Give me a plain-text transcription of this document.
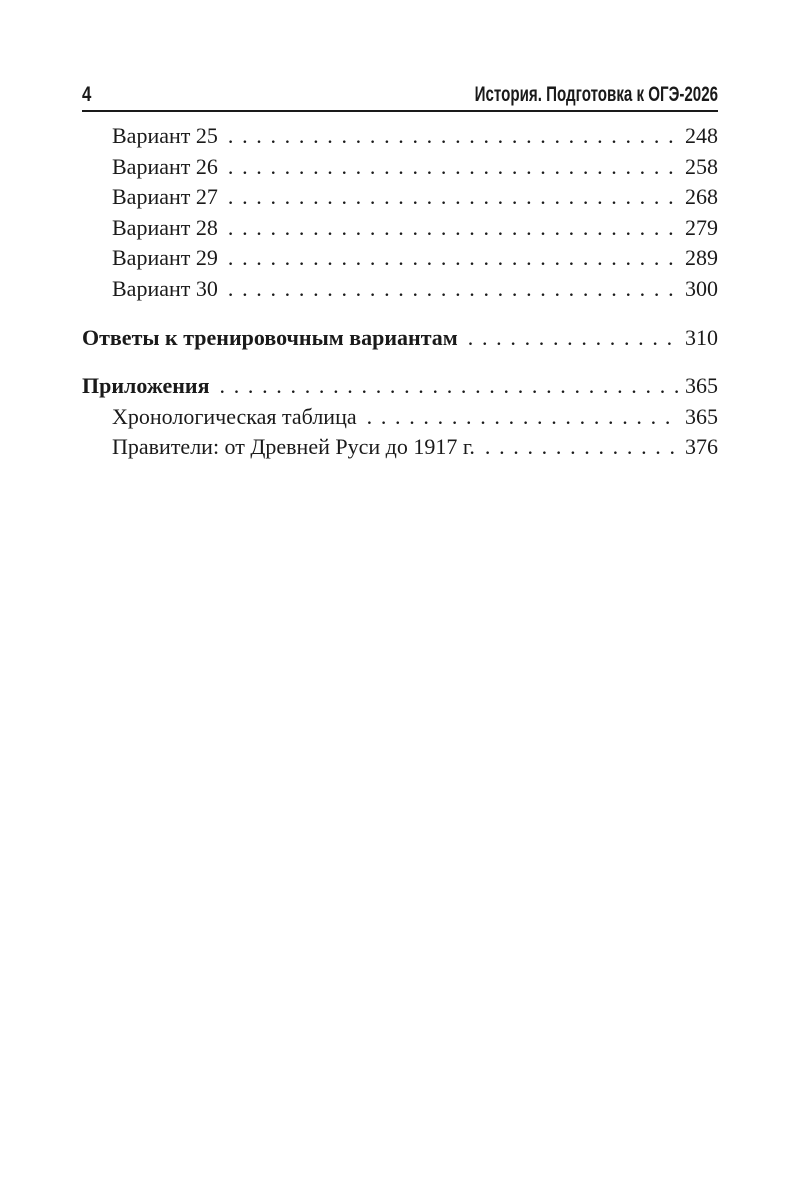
4	История. Подготовка к ОГЭ-2026
Вариант 25 . . .	248
Вариант 26 . . .	258
Вариант 27 . . .	268
Вариант 28 . . .	279
Вариант 29 . . .	289
Вариант 30 . . .	300
Ответы к тренировочным вариантам . . .	310
Приложения . . .	365
Хронологическая таблица . . .	365
Правители: от Древней Руси до 1917 г. . . .	376
